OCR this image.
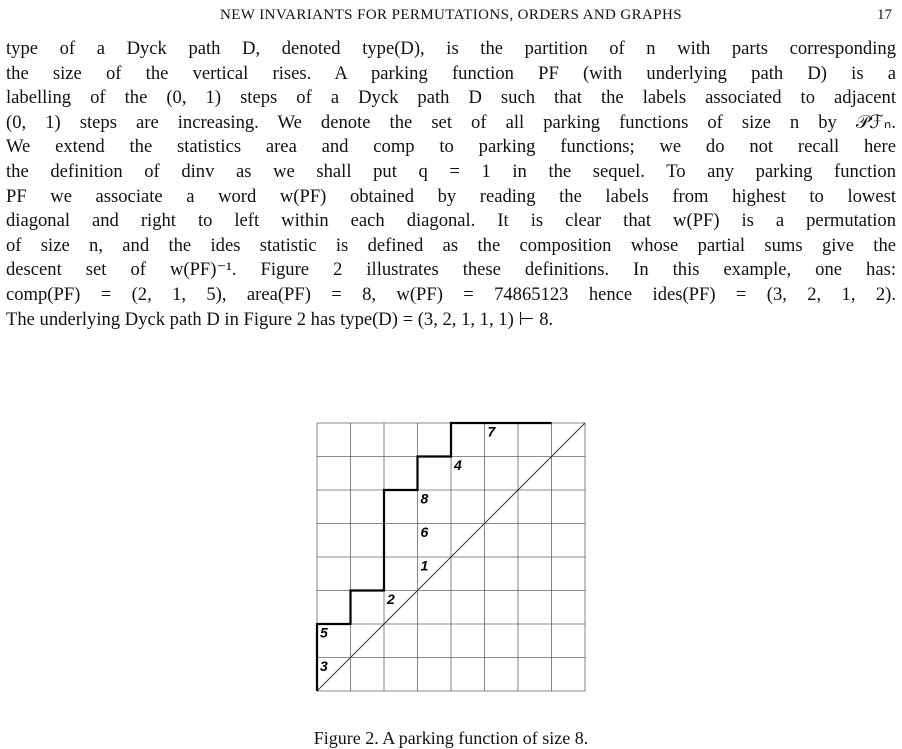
NEW INVARIANTS FOR PERMUTATIONS, ORDERS AND GRAPHS	17
type of a Dyck path D, denoted type(D), is the partition of n with parts corresponding
the size of the vertical rises. A parking function PF (with underlying path D) is a
labelling of the (0, 1) steps of a Dyck path D such that the labels associated to adjacent
(0, 1) steps are increasing. We denote the set of all parking functions of size n by 𝒫ℱₙ.
We extend the statistics area and comp to parking functions; we do not recall here
the definition of dinv as we shall put q = 1 in the sequel. To any parking function
PF we associate a word w(PF) obtained by reading the labels from highest to lowest
diagonal and right to left within each diagonal. It is clear that w(PF) is a permutation
of size n, and the ides statistic is defined as the composition whose partial sums give the
descent set of w(PF)⁻¹. Figure 2 illustrates these definitions. In this example, one has:
comp(PF) = (2, 1, 5), area(PF) = 8, w(PF) = 74865123 hence ides(PF) = (3, 2, 1, 2).
The underlying Dyck path D in Figure 2 has type(D) = (3, 2, 1, 1, 1) ⊢ 8.
3
5
2
1
6
8
4
7
Figure 2. A parking function of size 8.
